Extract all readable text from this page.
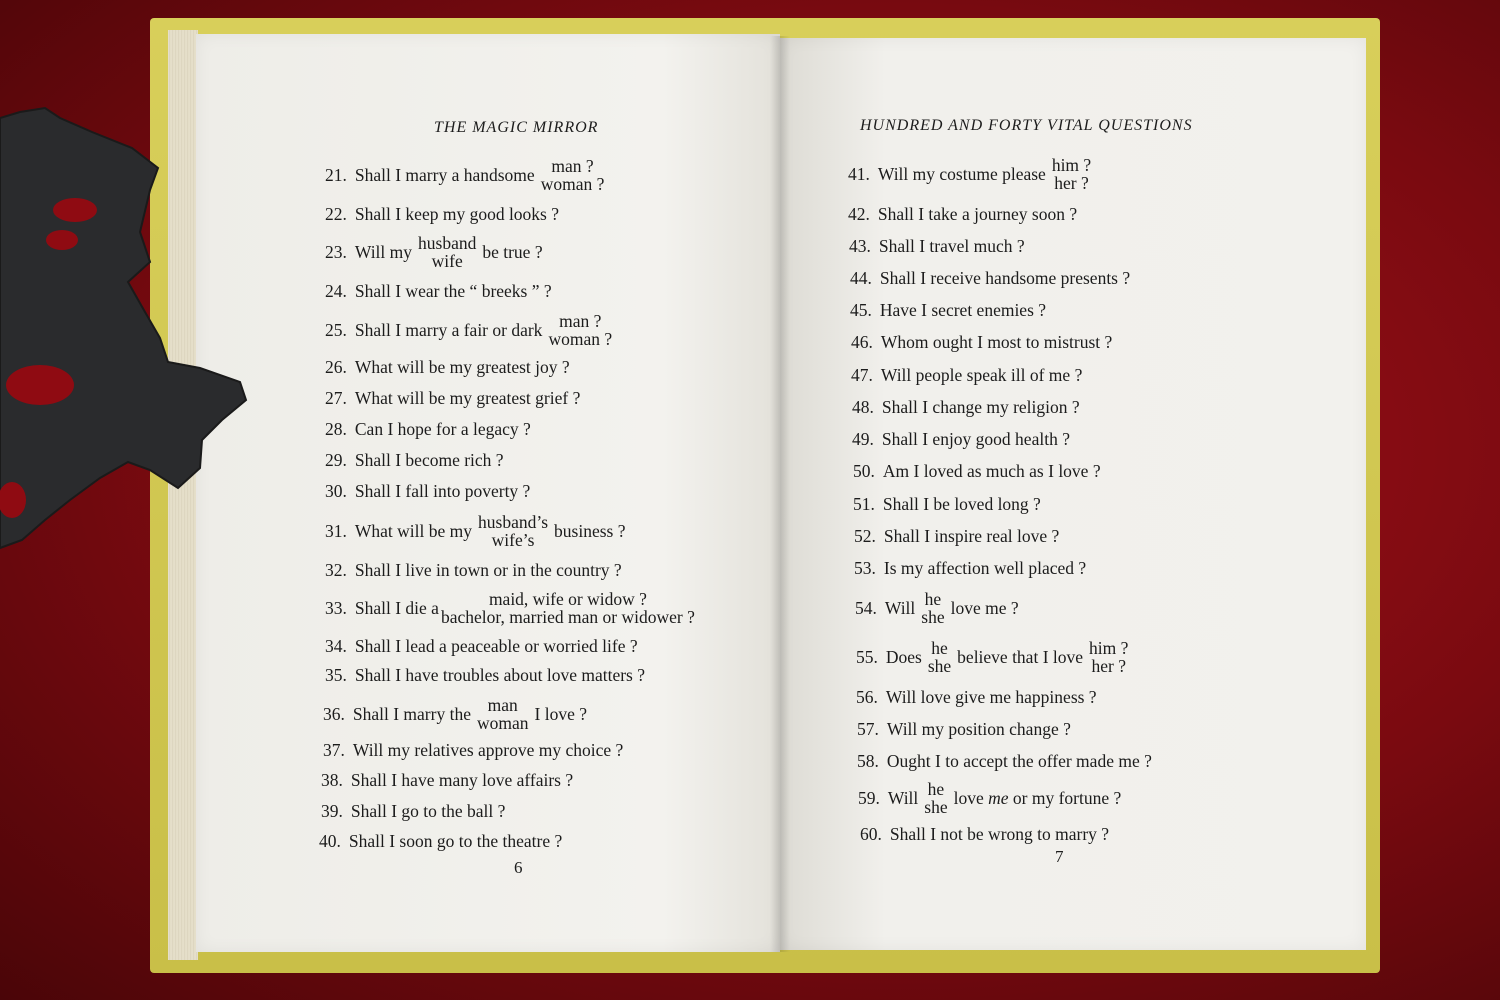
THE MAGIC MIRROR
21. Shall I marry a handsome man ?
woman ?
22. Shall I keep my good looks ?
23. Will my husband
wife be true ?
24. Shall I wear the “ breeks ” ?
25. Shall I marry a fair or dark man ?
woman ?
26. What will be my greatest joy ?
27. What will be my greatest grief ?
28. Can I hope for a legacy ?
29. Shall I become rich ?
30. Shall I fall into poverty ?
31. What will be my husband’s
wife’s business ?
32. Shall I live in town or in the country ?
33. Shall I die a	maid, wife or widow ?
bachelor, married man or widower ?
34. Shall I lead a peaceable or worried life ?
35. Shall I have troubles about love matters ?
36. Shall I marry the man
woman I love ?
37. Will my relatives approve my choice ?
38. Shall I have many love affairs ?
39. Shall I go to the ball ?
40. Shall I soon go to the theatre ?
6
HUNDRED AND FORTY VITAL QUESTIONS
41. Will my costume please him ?
her ?
42. Shall I take a journey soon ?
43. Shall I travel much ?
44. Shall I receive handsome presents ?
45. Have I secret enemies ?
46. Whom ought I most to mistrust ?
47. Will people speak ill of me ?
48. Shall I change my religion ?
49. Shall I enjoy good health ?
50. Am I loved as much as I love ?
51. Shall I be loved long ?
52. Shall I inspire real love ?
53. Is my affection well placed ?
54. Will he
she love me ?
55. Does he
she believe that I love him ?
her ?
56. Will love give me happiness ?
57. Will my position change ?
58. Ought I to accept the offer made me ?
59. Will he
she love
me
or my fortune ?
60. Shall I not be wrong to marry ?
7
